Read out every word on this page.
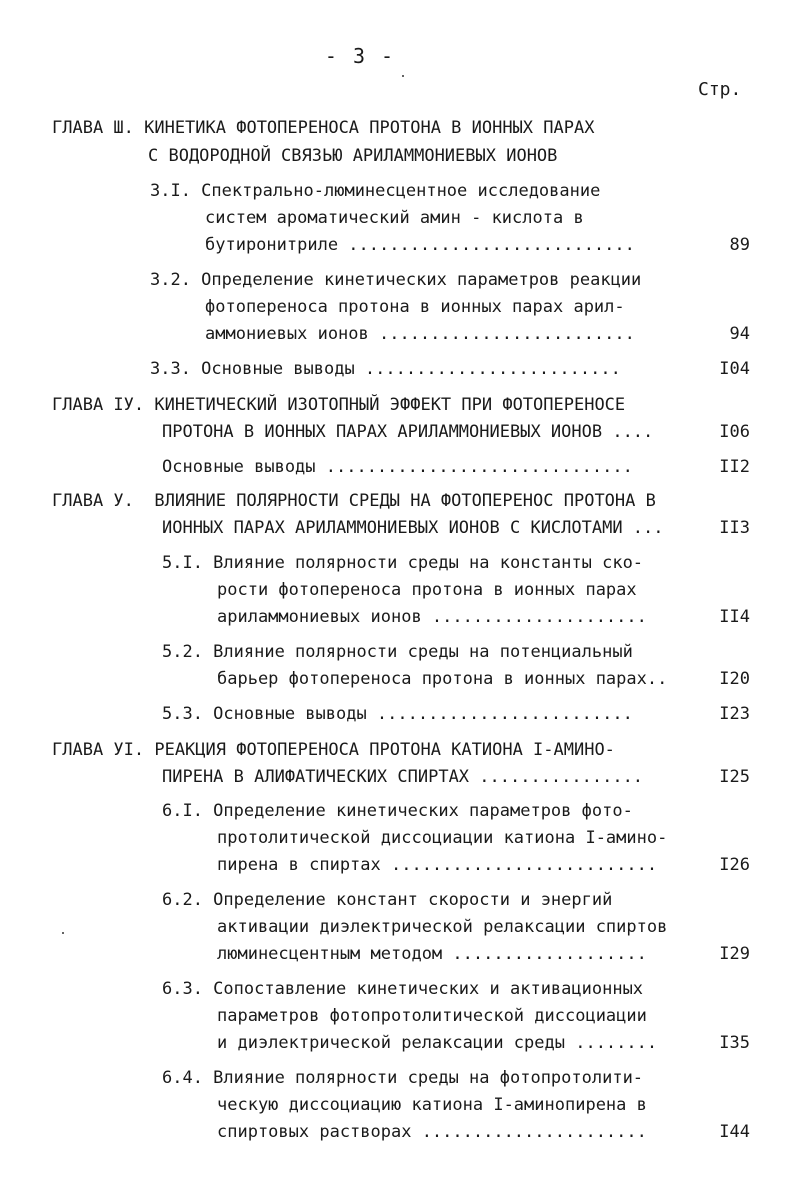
- 3 -
Стр.
ГЛАВА Ш. КИНЕТИКА ФОТОПЕРЕНОСА ПРОТОНА В ИОННЫХ ПАРАХ
С ВОДОРОДНОЙ СВЯЗЬЮ АРИЛАММОНИЕВЫХ ИОНОВ
3.I. Спектрально-люминесцентное исследование
систем ароматический амин - кислота в
бутиронитриле ............................	89
3.2. Определение кинетических параметров реакции
фотопереноса протона в ионных парах арил-
аммониевых ионов .........................	94
3.3. Основные выводы .........................	I04
ГЛАВА IУ. КИНЕТИЧЕСКИЙ ИЗОТОПНЫЙ ЭФФЕКТ ПРИ ФОТОПЕРЕНОСЕ
ПРОТОНА В ИОННЫХ ПАРАХ АРИЛАММОНИЕВЫХ ИОНОВ ....	I06
Основные выводы ..............................	II2
ГЛАВА У.  ВЛИЯНИЕ ПОЛЯРНОСТИ СРЕДЫ НА ФОТОПЕРЕНОС ПРОТОНА В
ИОННЫХ ПАРАХ АРИЛАММОНИЕВЫХ ИОНОВ С КИСЛОТАМИ ...	II3
5.I. Влияние полярности среды на константы ско-
рости фотопереноса протона в ионных парах
ариламмониевых ионов .....................	II4
5.2. Влияние полярности среды на потенциальный
барьер фотопереноса протона в ионных парах..	I20
5.3. Основные выводы .........................	I23
ГЛАВА УI. РЕАКЦИЯ ФОТОПЕРЕНОСА ПРОТОНА КАТИОНА I-АМИНО-
ПИРЕНА В АЛИФАТИЧЕСКИХ СПИРТАХ ................	I25
6.I. Определение кинетических параметров фото-
протолитической диссоциации катиона I-амино-
пирена в спиртах ..........................	I26
6.2. Определение констант скорости и энергий
активации диэлектрической релаксации спиртов
люминесцентным методом ...................	I29
6.3. Сопоставление кинетических и активационных
параметров фотопротолитической диссоциации
и диэлектрической релаксации среды ........	I35
6.4. Влияние полярности среды на фотопротолити-
ческую диссоциацию катиона I-аминопирена в
спиртовых растворах ......................	I44
